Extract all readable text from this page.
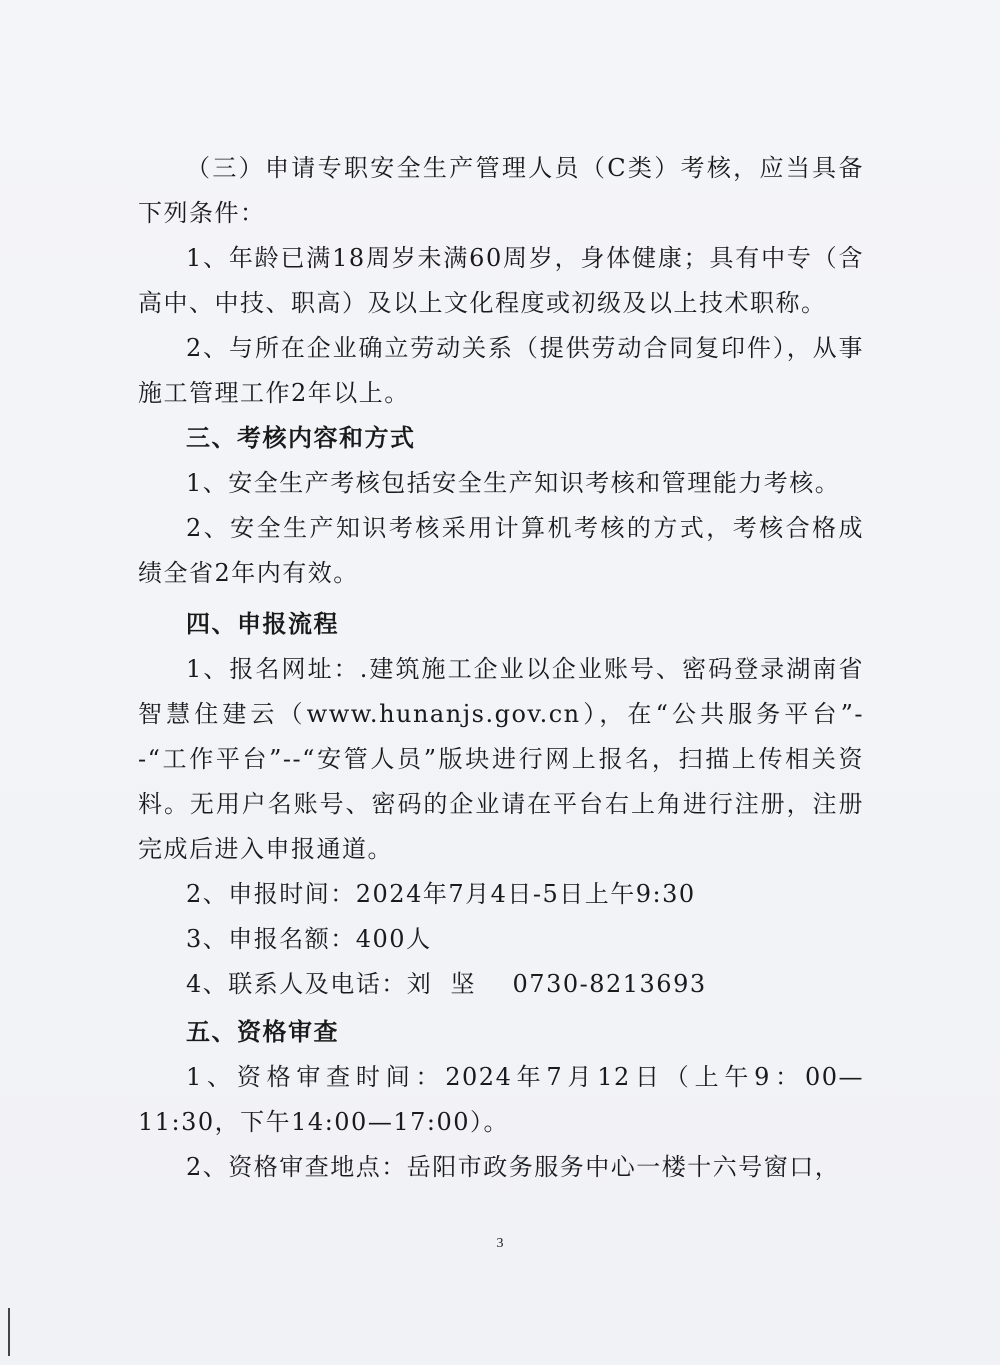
（三）申请专职安全生产管理人员（C类）考核，应当具备下列条件：

1、年龄已满18周岁未满60周岁，身体健康；具有中专（含高中、中技、职高）及以上文化程度或初级及以上技术职称。

2、与所在企业确立劳动关系（提供劳动合同复印件），从事施工管理工作2年以上。

三、考核内容和方式

1、安全生产考核包括安全生产知识考核和管理能力考核。

2、安全生产知识考核采用计算机考核的方式，考核合格成绩全省2年内有效。

四、申报流程

1、报名网址：.建筑施工企业以企业账号、密码登录湖南省智慧住建云（www.hunanjs.gov.cn），在“公共服务平台”--“工作平台”--“安管人员”版块进行网上报名，扫描上传相关资料。无用户名账号、密码的企业请在平台右上角进行注册，注册完成后进入申报通道。

2、申报时间：2024年7月4日-5日上午9:30

3、申报名额：400人

4、联系人及电话：刘  坚    0730-8213693

五、资格审查

1、资格审查时间：2024年7月12日（上午9：00—11:30，下午14:00—17:00）。

2、资格审查地点：岳阳市政务服务中心一楼十六号窗口，

3
